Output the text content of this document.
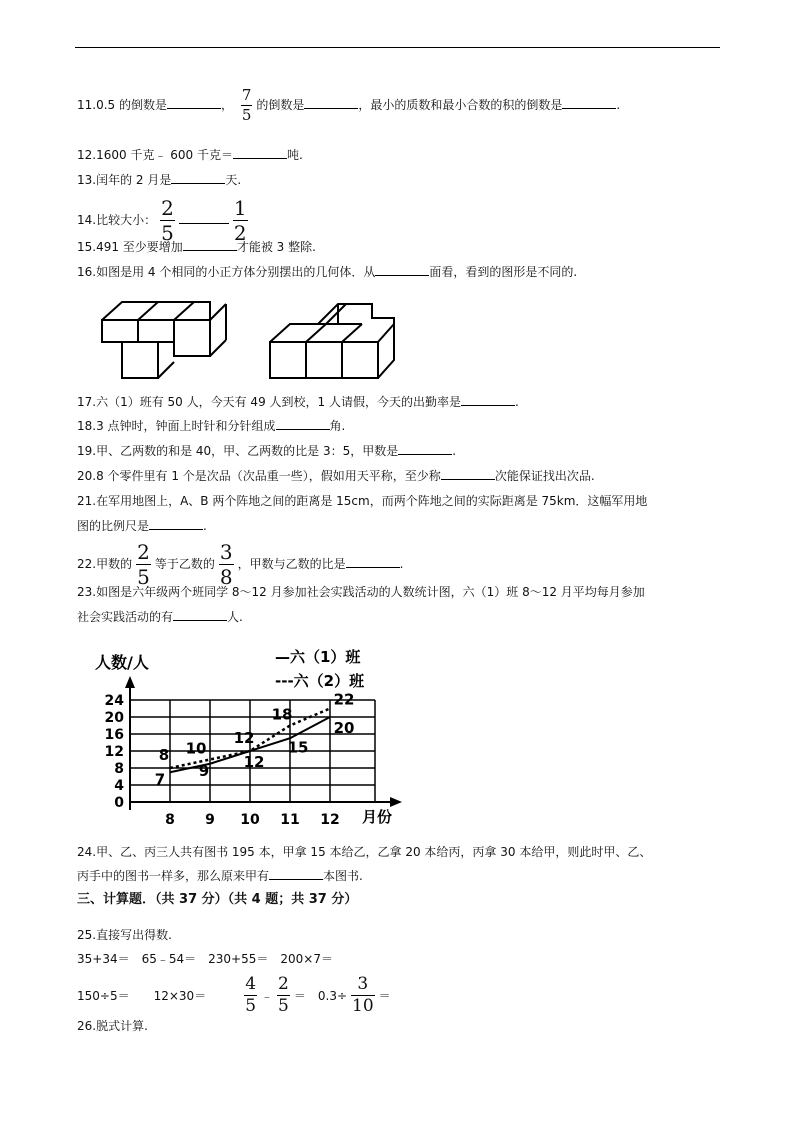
11.0.5 的倒数是	， $\frac{7}{5}$ 的倒数是	，最小的质数和最小合数的积的倒数是	.
12.1600 千克﹣ 600 千克＝	吨.
13.闰年的 2 月是	天.
14.比较大小： $\frac{2}{5}$	$\frac{1}{2}$
15.491 至少要增加	才能被 3 整除.
16.如图是用 4 个相同的小正方体分别摆出的几何体．从	面看，看到的图形是不同的.
17.六（1）班有 50 人，今天有 49 人到校，1 人请假，今天的出勤率是	.
18.3 点钟时，钟面上时针和分针组成	角.
19.甲、乙两数的和是 40，甲、乙两数的比是 3：5，甲数是	.
20.8 个零件里有 1 个是次品（次品重一些），假如用天平称，至少称	次能保证找出次品.
21.在军用地图上，A、B 两个阵地之间的距离是 15cm，而两个阵地之间的实际距离是 75km．这幅军用地
图的比例尺是	.
22.甲数的 $\frac{2}{5}$ 等于乙数的 $\frac{3}{8}$ ，甲数与乙数的比是	.
23.如图是六年级两个班同学 8～12 月参加社会实践活动的人数统计图，六（1）班 8～12 月平均每月参加
社会实践活动的有	人.
人数/人	—六（1）班
---六（2）班
月份
0
4
8
12
16
20
24
8 9 10 11 12
7 9 12
15
20
8 10
12
18
22
24.甲、乙、丙三人共有图书 195 本，甲拿 15 本给乙，乙拿 20 本给丙，丙拿 30 本给甲，则此时甲、乙、
丙手中的图书一样多，那么原来甲有	本图书.
三、计算题．（共 37 分）（共 4 题；共 37 分）
25.直接写出得数.
35+34＝　65﹣54＝　230+55＝　200×7＝
150÷5＝　　$12\times 30= \frac{4}{5}$ ﹣ $\frac{2}{5}$ ＝　$0.3\div \frac{3}{10}$ ＝
26.脱式计算.
